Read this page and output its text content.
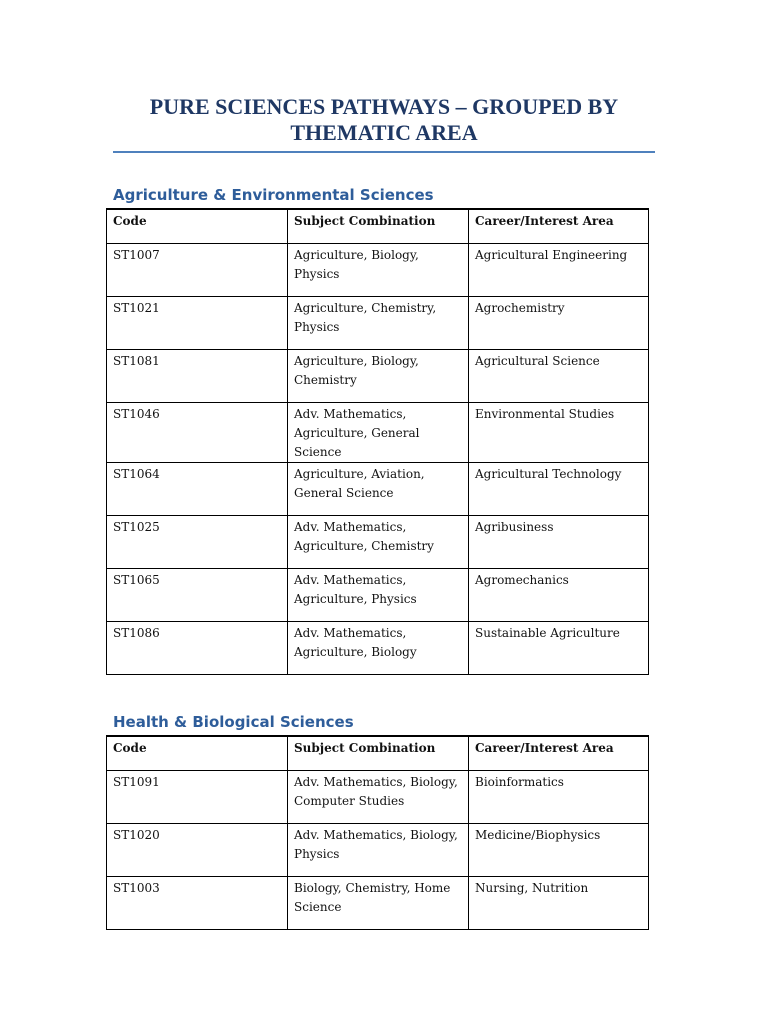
PURE SCIENCES PATHWAYS – GROUPED BY THEMATIC AREA
Agriculture & Environmental Sciences
Code	Subject Combination	Career/Interest Area
ST1007	Agriculture, Biology, Physics	Agricultural Engineering
ST1021	Agriculture, Chemistry, Physics	Agrochemistry
ST1081	Agriculture, Biology, Chemistry	Agricultural Science
ST1046	Adv. Mathematics, Agriculture, General Science	Environmental Studies
ST1064	Agriculture, Aviation, General Science	Agricultural Technology
ST1025	Adv. Mathematics, Agriculture, Chemistry	Agribusiness
ST1065	Adv. Mathematics, Agriculture, Physics	Agromechanics
ST1086	Adv. Mathematics, Agriculture, Biology	Sustainable Agriculture
Health & Biological Sciences
Code	Subject Combination	Career/Interest Area
ST1091	Adv. Mathematics, Biology, Computer Studies	Bioinformatics
ST1020	Adv. Mathematics, Biology, Physics	Medicine/Biophysics
ST1003	Biology, Chemistry, Home Science	Nursing, Nutrition
